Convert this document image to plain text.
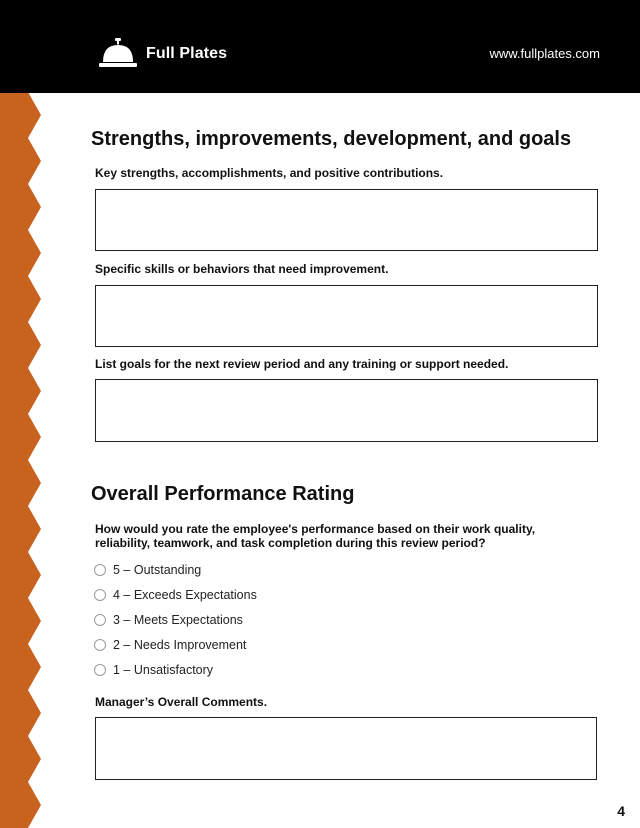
Full Plates	www.fullplates.com
Strengths, improvements, development, and goals
Key strengths, accomplishments, and positive contributions.
Specific skills or behaviors that need improvement.
List goals for the next review period and any training or support needed.
Overall Performance Rating
How would you rate the employee's performance based on their work quality, reliability, teamwork, and task completion during this review period?
5 – Outstanding
4 – Exceeds Expectations
3 – Meets Expectations
2 – Needs Improvement
1 – Unsatisfactory
Manager’s Overall Comments.
4
